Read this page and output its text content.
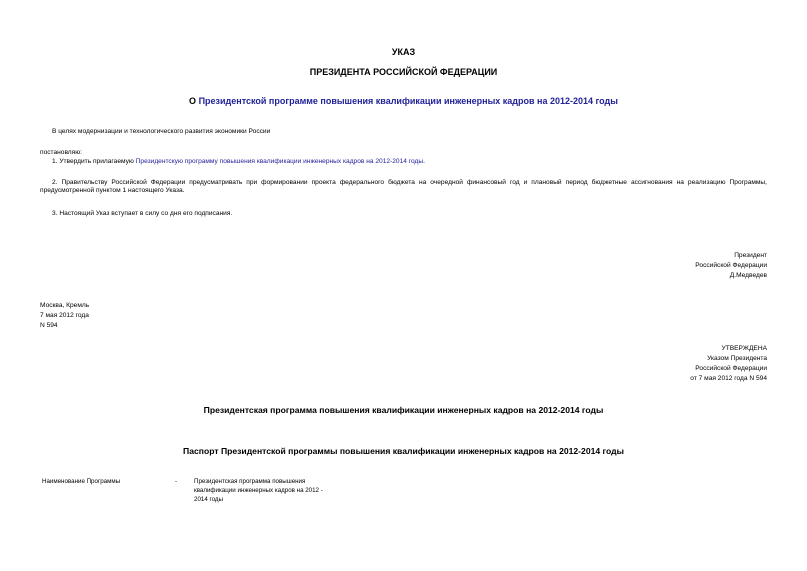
УКАЗ
ПРЕЗИДЕНТА РОССИЙСКОЙ ФЕДЕРАЦИИ
О Президентской программе повышения квалификации инженерных кадров на 2012-2014 годы
В целях модернизации и технологического развития экономики России
постановляю:
1. Утвердить прилагаемую Президентскую программу повышения квалификации инженерных кадров на 2012-2014 годы.
2. Правительству Российской Федерации предусматривать при формировании проекта федерального бюджета на очередной финансовый год и плановый период бюджетные ассигнования на реализацию Программы, предусмотренной пунктом 1 настоящего Указа.
3. Настоящий Указ вступает в силу со дня его подписания.
Президент
Российской Федерации
Д.Медведев
Москва, Кремль
7 мая 2012 года
N 594
УТВЕРЖДЕНА
Указом Президента
Российской Федерации
от 7 мая 2012 года N 594
Президентская программа повышения квалификации инженерных кадров на 2012-2014 годы
Паспорт Президентской программы повышения квалификации инженерных кадров на 2012-2014 годы
Наименование Программы	-	Президентская программа повышения
квалификации инженерных кадров на 2012 -
2014 годы
